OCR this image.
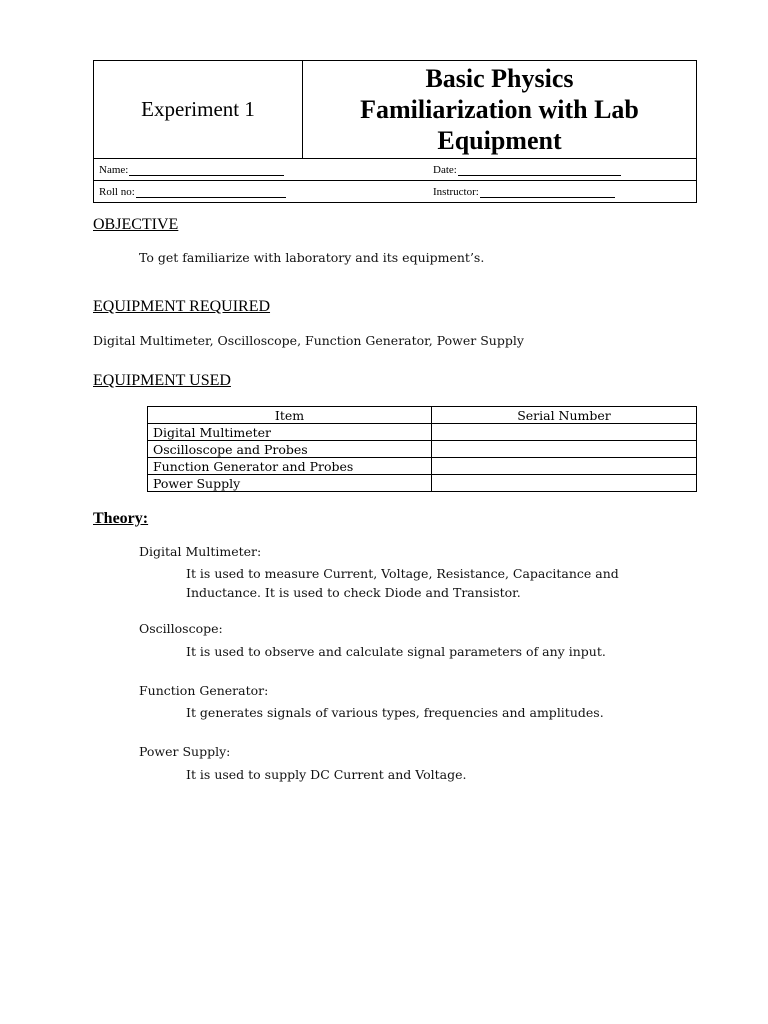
Experiment 1
Basic Physics
Familiarization with Lab
Equipment
Name:	Date:
Roll no:	Instructor:
OBJECTIVE
To get familiarize with laboratory and its equipment’s.
EQUIPMENT REQUIRED
Digital Multimeter, Oscilloscope, Function Generator, Power Supply
EQUIPMENT USED
Item	Serial Number
Digital Multimeter	
Oscilloscope and Probes	
Function Generator and Probes	
Power Supply	
Theory:
Digital Multimeter:
It is used to measure Current, Voltage, Resistance, Capacitance and
Inductance. It is used to check Diode and Transistor.
Oscilloscope:
It is used to observe and calculate signal parameters of any input.
Function Generator:
It generates signals of various types, frequencies and amplitudes.
Power Supply:
It is used to supply DC Current and Voltage.
